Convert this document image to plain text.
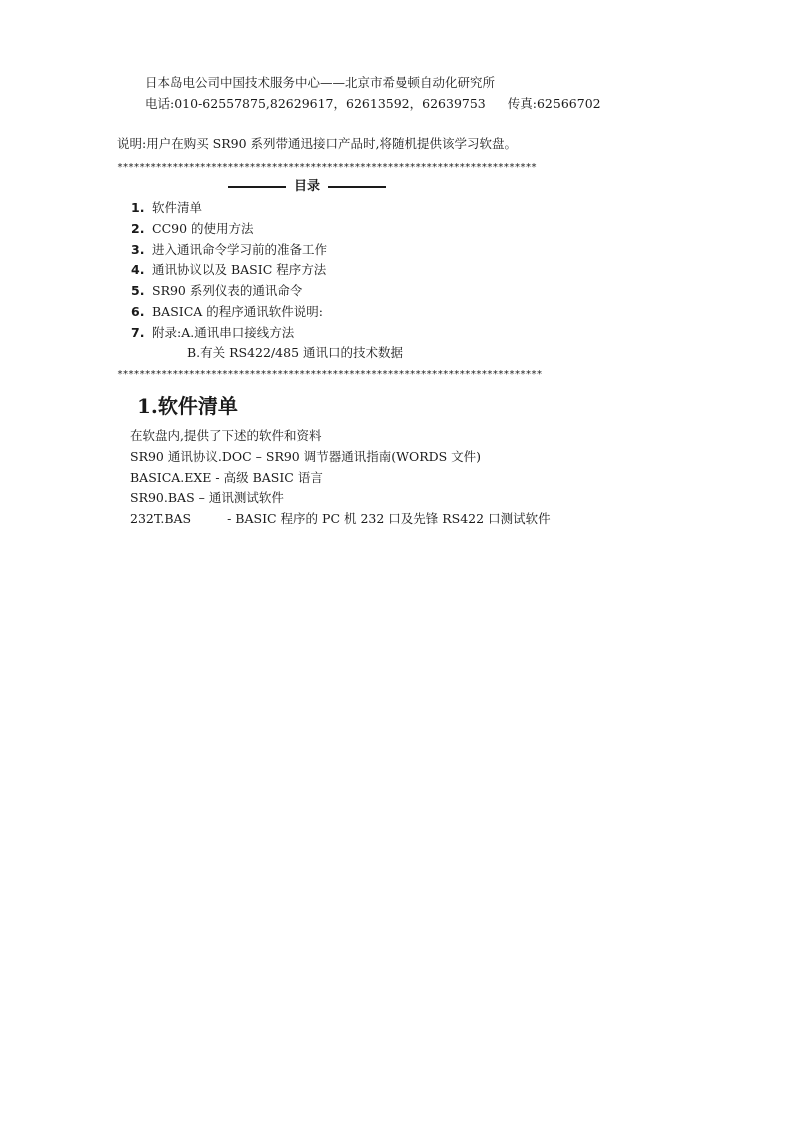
日本岛电公司中国技术服务中心——北京市希曼顿自动化研究所
电话:010-62557875,82629617，62613592，62639753 传真:62566702
说明:用户在购买 SR90 系列带通迅接口产品时,将随机提供该学习软盘。
****************************************************************************
目录
1. 软件清单
2. CC90 的使用方法
3. 进入通讯命令学习前的准备工作
4. 通讯协议以及 BASIC 程序方法
5. SR90 系列仪表的通讯命令
6. BASICA 的程序通讯软件说明:
7. 附录:A.通讯串口接线方法
B.有关 RS422/485 通讯口的技术数据
*****************************************************************************
1.软件清单
在软盘内,提供了下述的软件和资料
SR90 通讯协议.DOC – SR90 调节器通讯指南(WORDS 文件)
BASICA.EXE - 高级 BASIC 语言
SR90.BAS – 通讯测试软件
232T.BAS	- BASIC 程序的 PC 机 232 口及先锋 RS422 口测试软件
